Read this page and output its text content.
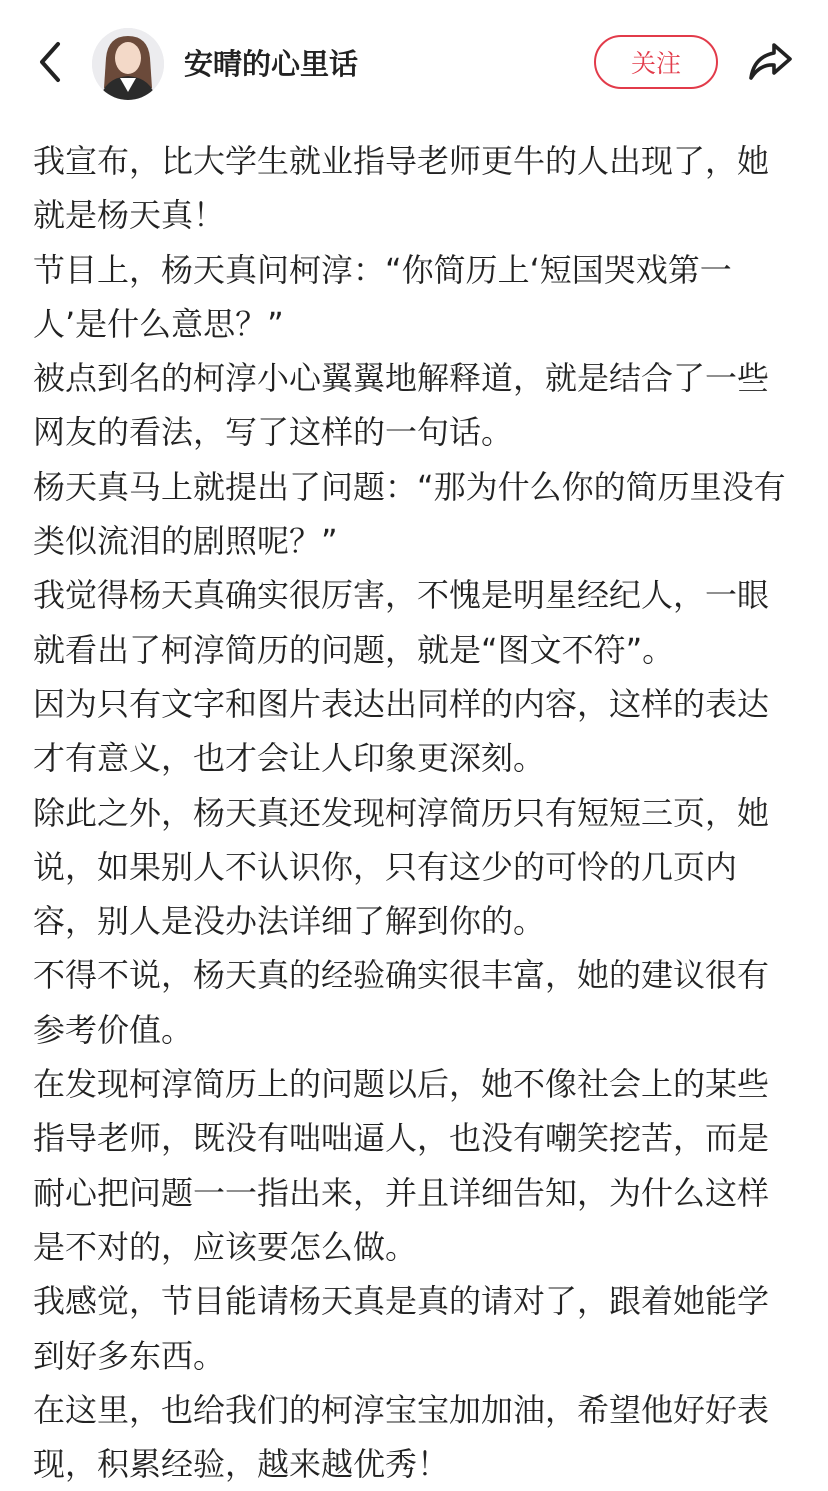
安晴的心里话	关注

我宣布，比大学生就业指导老师更牛的人出现了，她就是杨天真！

节目上，杨天真问柯淳：“你简历上‘短国哭戏第一人’是什么意思？”

被点到名的柯淳小心翼翼地解释道，就是结合了一些网友的看法，写了这样的一句话。

杨天真马上就提出了问题：“那为什么你的简历里没有类似流泪的剧照呢？”

我觉得杨天真确实很厉害，不愧是明星经纪人，一眼就看出了柯淳简历的问题，就是“图文不符”。

因为只有文字和图片表达出同样的内容，这样的表达才有意义，也才会让人印象更深刻。

除此之外，杨天真还发现柯淳简历只有短短三页，她说，如果别人不认识你，只有这少的可怜的几页内容，别人是没办法详细了解到你的。

不得不说，杨天真的经验确实很丰富，她的建议很有参考价值。

在发现柯淳简历上的问题以后，她不像社会上的某些指导老师，既没有咄咄逼人，也没有嘲笑挖苦，而是耐心把问题一一指出来，并且详细告知，为什么这样是不对的，应该要怎么做。

我感觉，节目能请杨天真是真的请对了，跟着她能学到好多东西。

在这里，也给我们的柯淳宝宝加加油，希望他好好表现，积累经验，越来越优秀！
